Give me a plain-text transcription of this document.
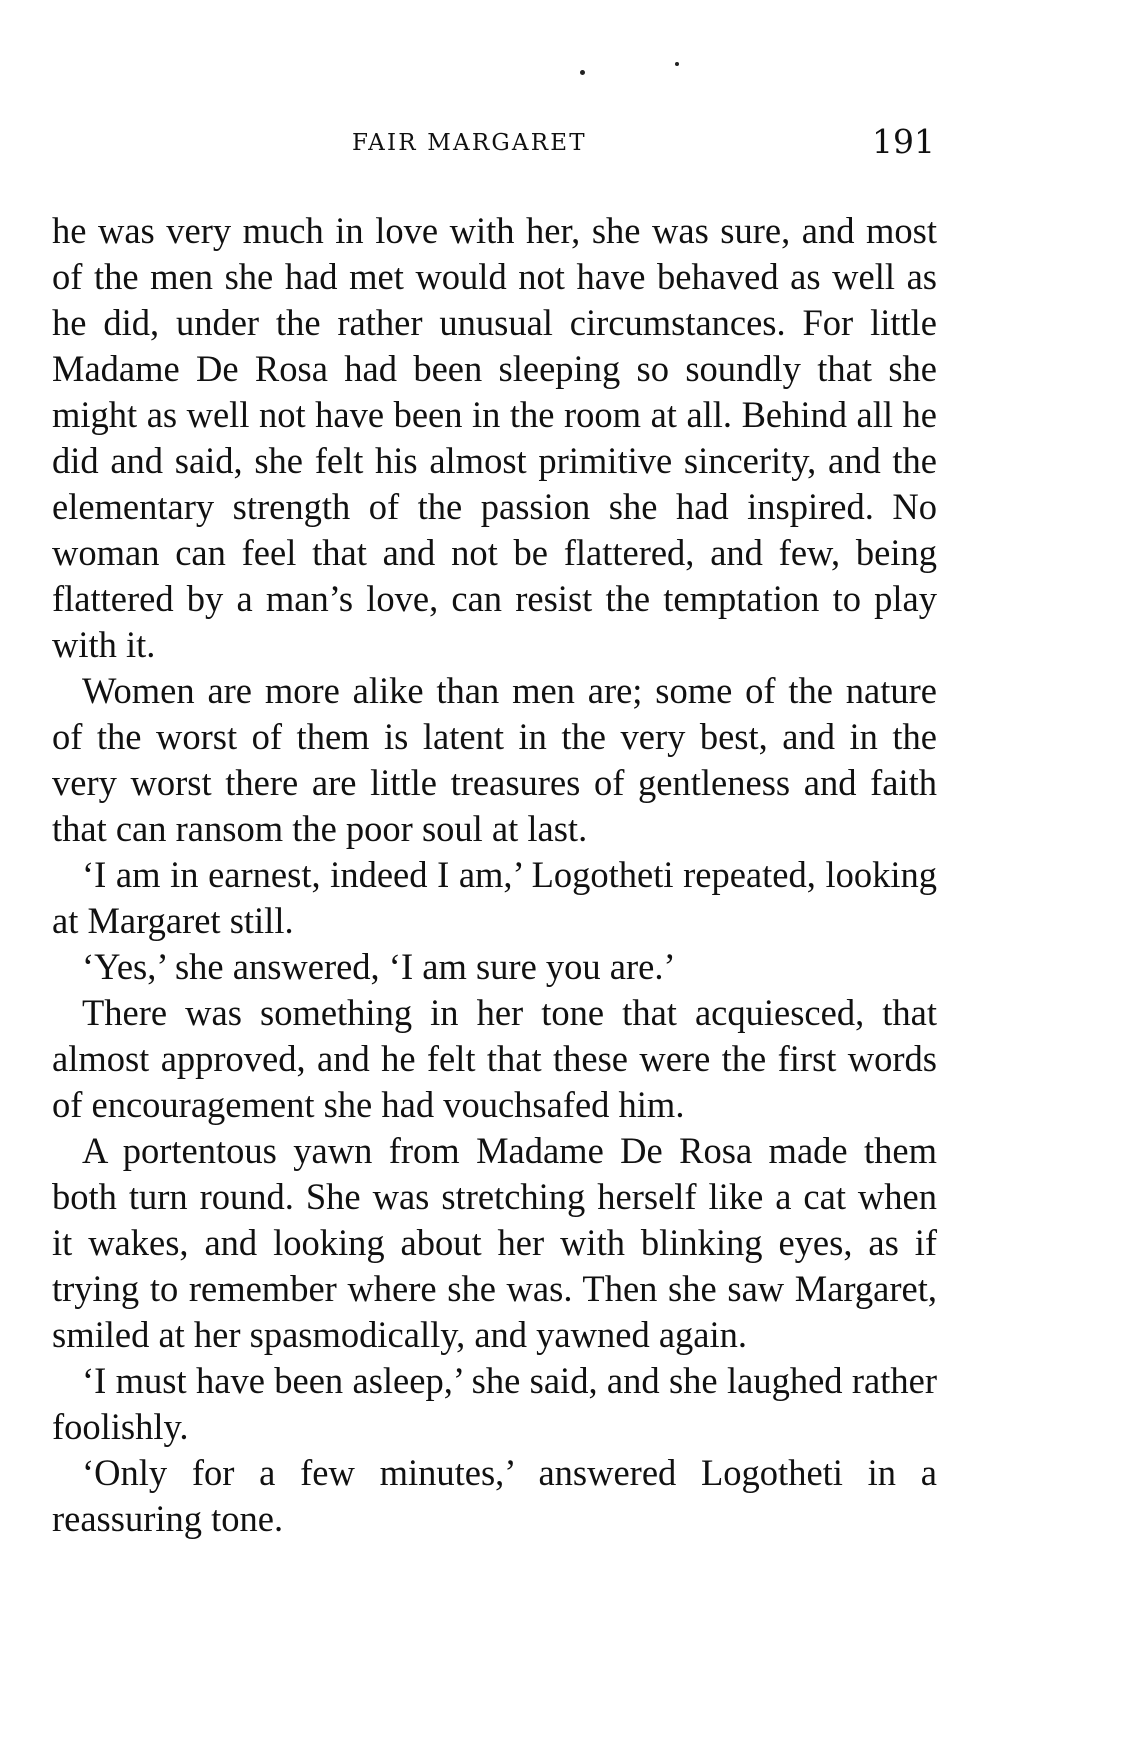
FAIR MARGARET	191

he was very much in love with her, she was sure, and most of the men she had met would not have behaved as well as he did, under the rather unusual circumstances. For little Madame De Rosa had been sleeping so soundly that she might as well not have been in the room at all. Behind all he did and said, she felt his almost primitive sincerity, and the elementary strength of the passion she had inspired. No woman can feel that and not be flattered, and few, being flattered by a man’s love, can resist the temptation to play with it.

Women are more alike than men are; some of the nature of the worst of them is latent in the very best, and in the very worst there are little treasures of gentleness and faith that can ransom the poor soul at last.

‘I am in earnest, indeed I am,’ Logotheti repeated, looking at Margaret still.

‘Yes,’ she answered, ‘I am sure you are.’

There was something in her tone that acquiesced, that almost approved, and he felt that these were the first words of encouragement she had vouchsafed him.

A portentous yawn from Madame De Rosa made them both turn round. She was stretching herself like a cat when it wakes, and looking about her with blinking eyes, as if trying to remember where she was. Then she saw Margaret, smiled at her spasmodically, and yawned again.

‘I must have been asleep,’ she said, and she laughed rather foolishly.

‘Only for a few minutes,’ answered Logotheti in a reassuring tone.
